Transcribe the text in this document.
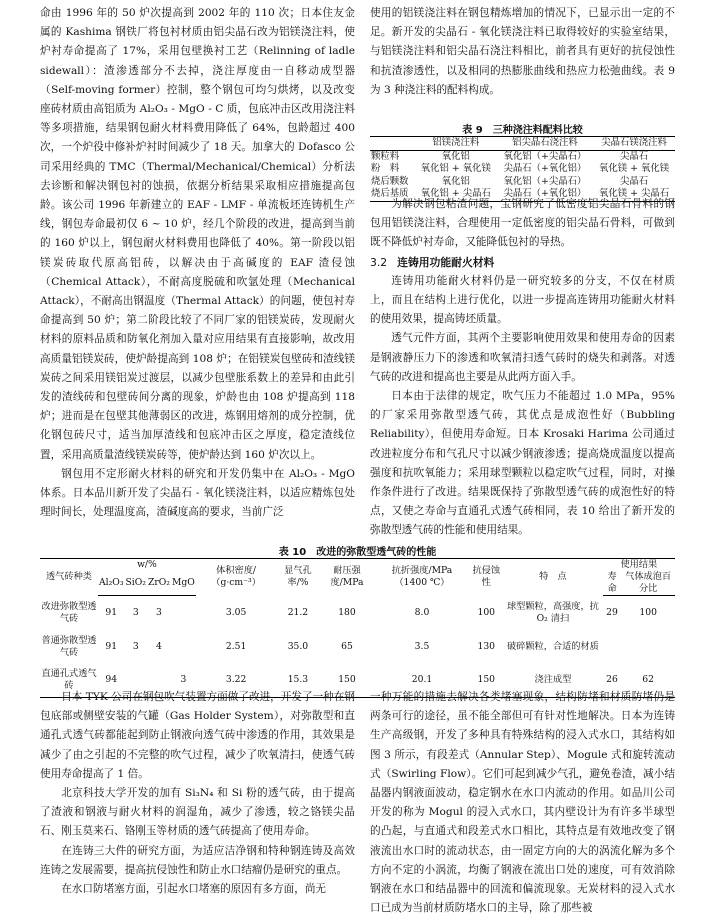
命由 1996 年的 50 炉次提高到 2002 年的 110 次；日本住友金属的 Kashima 钢铁厂将包衬材质由铝尖晶石改为铝镁浇注料，使炉衬寿命提高了 17%，采用包壁换衬工艺（Relinning of ladle sidewall）：渣渗透部分不去掉，浇注厚度由一自移动成型器（Self-moving former）控制，整个钢包可均匀烘烤，以及改变座砖材质由高铝质为 Al₂O₃ - MgO - C 质，包底冲击区改用浇注料等多项措施，结果钢包耐火材料费用降低了 64%，包龄超过 400 次，一个炉役中修补炉衬时间减少了 18 天。加拿大的 Dofasco 公司采用经典的 TMC（Thermal/Mechanical/Chemical）分析法去诊断和解决钢包衬的蚀损，依据分析结果采取相应措施提高包龄。该公司 1996 年新建立的 EAF - LMF - 单流板坯连铸机生产线，钢包寿命最初仅 6 ~ 10 炉，经几个阶段的改进，提高到当前的 160 炉以上，钢包耐火材料费用也降低了 40%。第一阶段以铝镁炭砖取代原高铝砖，以解决由于高碱度的 EAF 渣侵蚀（Chemical Attack），不耐高度脱硫和吹氩处理（Mechanical Attack），不耐高出钢温度（Thermal Attack）的问题，使包衬寿命提高到 50 炉；第二阶段比较了不同厂家的铝镁炭砖，发现耐火材料的原料品质和防氧化剂加入量对应用结果有直接影响，故改用高质量铝镁炭砖，使炉龄提高到 108 炉；在铝镁炭包壁砖和渣线镁炭砖之间采用镁铝炭过渡层，以减少包壁胀系数上的差异和由此引发的渣线砖和包壁砖间分离的现象，炉龄也由 108 炉提高到 118 炉；进而是在包壁其他薄弱区的改进，炼钢用熔剂的成分控制，优化钢包砖尺寸，适当加厚渣线和包底冲击区之厚度，稳定渣线位置，采用高质量渣线镁炭砖等，使炉龄达到 160 炉次以上。

钢包用不定形耐火材料的研究和开发仍集中在 Al₂O₃ - MgO 体系。日本品川新开发了尖晶石 - 氧化镁浇注料，以适应精炼包处理时间长，处理温度高，渣碱度高的要求，当前广泛

使用的铝镁浇注料在钢包精炼增加的情况下，已显示出一定的不足。新开发的尖晶石 - 氧化镁浇注料已取得较好的实验室结果，与铝镁浇注料和铝尖晶石浇注料相比，前者具有更好的抗侵蚀性和抗渣渗透性，以及相同的热膨胀曲线和热应力松弛曲线。表 9 为 3 种浇注料的配料构成。

表 9　三种浇注料配料比较
	铝镁浇注料	铝尖晶石浇注料	尖晶石镁浇注料
颗粒料	氧化铝	氧化铝（+尖晶石）	尖晶石
粉　料	氧化铝 + 氧化镁	尖晶石（+氧化铝）	氧化镁 + 氧化镁
烧后颗数	氧化铝	氧化铝（+尖晶石）	尖晶石
烧后基质	氧化铝 + 尖晶石	尖晶石（+氧化铝）	氧化镁 + 尖晶石

为解决钢包粘渣问题，宝钢研究了低密度铝尖晶石骨料的钢包用铝镁浇注料，合理使用一定低密度的铝尖晶石骨料，可做到既不降低炉衬寿命，又能降低包衬的导热。

3.2 连铸用功能耐火材料

连铸用功能耐火材料仍是一研究较多的分支，不仅在材质上，而且在结构上进行优化，以进一步提高连铸用功能耐火材料的使用效果，提高铸坯质量。

透气元件方面，其两个主要影响使用效果和使用寿命的因素是钢液静压力下的渗透和吹氧清扫透气砖时的烧失和剥落。对透气砖的改进和提高也主要是从此两方面入手。

日本由于法律的规定，吹气压力不能超过 1.0 MPa，95% 的厂家采用弥散型透气砖，其优点是成泡性好（Bubbling Reliability），但使用寿命短。日本 Krosaki Harima 公司通过改进粒度分布和气孔尺寸以减少钢液渗透；提高烧成温度以提高强度和抗吹氧能力；采用球型颗粒以稳定吹气过程，同时，对操作条件进行了改进。结果既保持了弥散型透气砖的成泡性好的特点，又使之寿命与直通孔式透气砖相同，表 10 给出了新开发的弥散型透气砖的性能和使用结果。

表 10　改进的弥散型透气砖的性能
透气砖种类	w/%				体积密度/（g·cm⁻³）	显气孔率/%	耐压强度/MPa	抗折强度/MPa（1400 ℃）	抗侵蚀性	特　点	使用结果	
	Al₂O₃	SiO₂	ZrO₂	MgO							寿命	气体成泡百分比
改进弥散型透气砖	91	3	3		3.05	21.2	180	8.0	100	球型颗粒，高强度，抗 O₂ 清扫	29	100
普通弥散型透气砖	91	3	4		2.51	35.0	65	3.5	130	破碎颗粒，合适的材质		
直通孔式透气砖	94			3	3.22	15.3	150	20.1	150	浇注成型	26	62

日本 TYK 公司在钢包吹气装置方面做了改进，开发了一种在钢包底部或侧壁安装的气罐（Gas Holder System），对弥散型和直通孔式透气砖都能起到防止钢液向透气砖中渗透的作用，其效果是减少了由之引起的不完整的吹气过程，减少了吹氧清扫，使透气砖使用寿命提高了 1 倍。

北京科技大学开发的加有 Si₃N₄ 和 Si 粉的透气砖，由于提高了渣液和钢液与耐火材料的润湿角，减少了渗透，较之铬镁尖晶石、刚玉莫来石、铬刚玉等材质的透气砖提高了使用寿命。

在连铸三大件的研究方面，为适应洁净钢和特种钢连铸及高效连铸之发展需要，提高抗侵蚀性和防止水口结瘤仍是研究的重点。

在水口防堵塞方面，引起水口堵塞的原因有多方面，尚无

一种万能的措施去解决各类堵塞现象，结构防堵和材质防堵仍是两条可行的途径，虽不能全部但可有针对性地解决。日本为连铸生产高级钢，开发了多种具有特殊结构的浸入式水口，其结构如图 3 所示，有段差式（Annular Step）、Mogule 式和旋转流动式（Swirling Flow）。它们可起到减少气孔，避免卷渣，减小结晶器内钢液面波动，稳定钢水在水口内流动的作用。如品川公司开发的称为 Mogul 的浸入式水口，其内壁设计为有许多半球型的凸起，与直通式和段差式水口相比，其特点是有效地改变了钢液流出水口时的流动状态，由一固定方向的大的涡流化解为多个方向不定的小涡流，均衡了钢液在流出口处的速度，可有效消除钢液在水口和结晶器中的回流和偏流现象。无炭材料的浸入式水口已成为当前材质防堵水口的主导，除了那些被
